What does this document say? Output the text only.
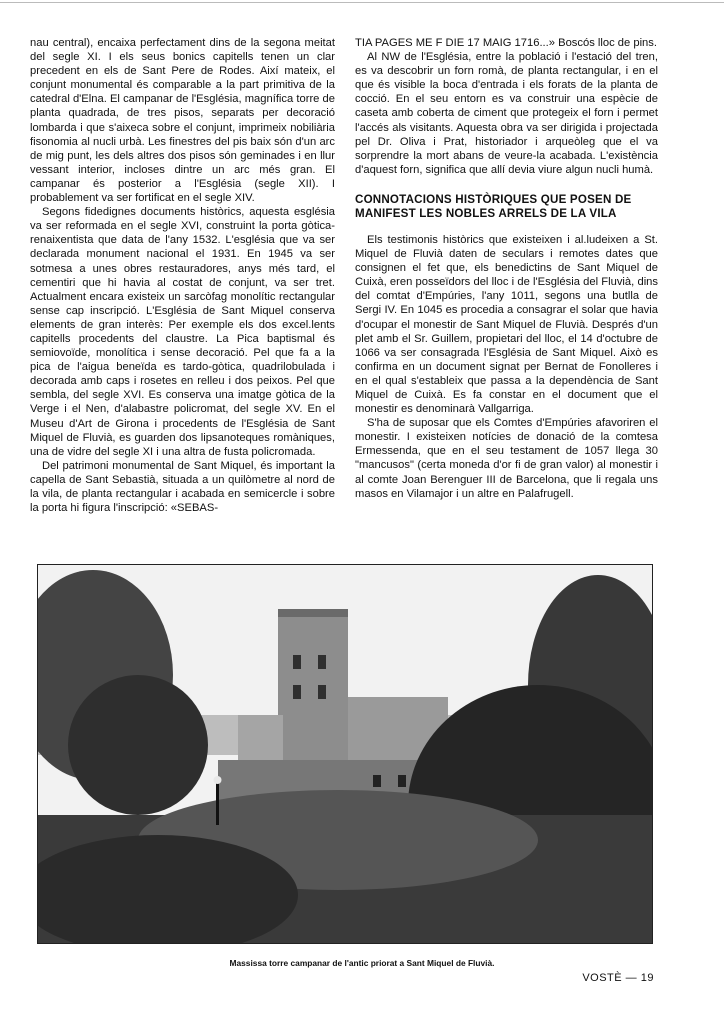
nau central), encaixa perfectament dins de la segona meitat del segle XI. I els seus bonics capitells tenen un clar precedent en els de Sant Pere de Rodes. Així mateix, el conjunt monumental és comparable a la part primitiva de la catedral d'Elna. El campanar de l'Església, magnífica torre de planta quadrada, de tres pisos, separats per decoració lombarda i que s'aixeca sobre el conjunt, imprimeix nobiliària fisonomia al nucli urbà. Les finestres del pis baix són d'un arc de mig punt, les dels altres dos pisos són geminades i en llur vessant interior, incloses dintre un arc més gran. El campanar és posterior a l'Església (segle XII). I probablement va ser fortificat en el segle XIV.

Segons fidedignes documents històrics, aquesta església va ser reformada en el segle XVI, construint la porta gòtica-renaixentista que data de l'any 1532. L'església que va ser declarada monument nacional el 1931. En 1945 va ser sotmesa a unes obres restauradores, anys més tard, el cementiri que hi havia al costat de conjunt, va ser tret. Actualment encara existeix un sarcòfag monolític rectangular sense cap inscripció. L'Església de Sant Miquel conserva elements de gran interès: Per exemple els dos excel.lents capitells procedents del claustre. La Pica baptismal és semiovoïde, monolítica i sense decoració. Pel que fa a la pica de l'aigua beneïda es tardo-gòtica, quadrilobulada i decorada amb caps i rosetes en relleu i dos peixos. Pel que sembla, del segle XVI. Es conserva una imatge gòtica de la Verge i el Nen, d'alabastre policromat, del segle XV. En el Museu d'Art de Girona i procedents de l'Església de Sant Miquel de Fluvià, es guarden dos lipsanoteques romàniques, una de vidre del segle XI i una altra de fusta policromada.

Del patrimoni monumental de Sant Miquel, és important la capella de Sant Sebastià, situada a un quilòmetre al nord de la vila, de planta rectangular i acabada en semicercle i sobre la porta hi figura l'inscripció: «SEBAS-

TIA PAGES ME F DIE 17 MAIG 1716...» Boscós lloc de pins.

Al NW de l'Església, entre la població i l'estació del tren, es va descobrir un forn romà, de planta rectangular, i en el que és visible la boca d'entrada i els forats de la planta de cocció. En el seu entorn es va construir una espècie de caseta amb coberta de ciment que protegeix el forn i permet l'accés als visitants. Aquesta obra va ser dirigida i projectada pel Dr. Oliva i Prat, historiador i arqueòleg que el va sorprendre la mort abans de veure-la acabada. L'existència d'aquest forn, significa que allí devia viure algun nucli humà.

CONNOTACIONS HISTÒRIQUES QUE POSEN DE MANIFEST LES NOBLES ARRELS DE LA VILA

Els testimonis històrics que existeixen i al.ludeixen a St. Miquel de Fluvià daten de seculars i remotes dates que consignen el fet que, els benedictins de Sant Miquel de Cuixà, eren posseïdors del lloc i de l'Església del Fluvià, dins del comtat d'Empúries, l'any 1011, segons una butlla de Sergi IV. En 1045 es procedia a consagrar el solar que havia d'ocupar el monestir de Sant Miquel de Fluvià. Després d'un plet amb el Sr. Guillem, propietari del lloc, el 14 d'octubre de 1066 va ser consagrada l'Església de Sant Miquel. Això es confirma en un document signat per Bernat de Fonolleres i en el qual s'estableix que passa a la dependència de Sant Miquel de Cuixà. Es fa constar en el document que el monestir es denominarà Vallgarriga.

S'ha de suposar que els Comtes d'Empúries afavoriren el monestir. I existeixen notícies de donació de la comtesa Ermessenda, que en el seu testament de 1057 llega 30 "mancusos" (certa moneda d'or fi de gran valor) al monestir i al comte Joan Berenguer III de Barcelona, que li regala uns masos en Vilamajor i un altre en Palafrugell.

Massissa torre campanar de l'antic priorat a Sant Miquel de Fluvià.
VOSTÈ — 19
